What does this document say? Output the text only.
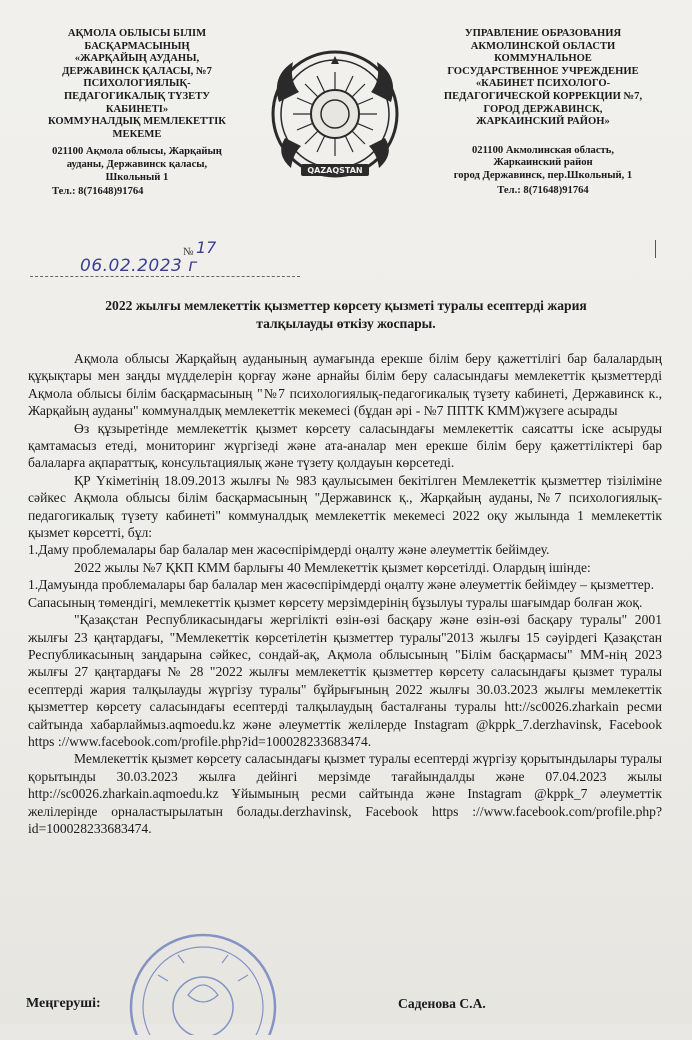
АҚМОЛА ОБЛЫСЫ БІЛІМ
БАСҚАРМАСЫНЫҢ
«ЖАРҚАЙЫҢ АУДАНЫ,
ДЕРЖАВИНСК ҚАЛАСЫ, №7
ПСИХОЛОГИЯЛЫҚ-
ПЕДАГОГИКАЛЫҚ ТҮЗЕТУ
КАБИНЕТІ»
КОММУНАЛДЫҚ МЕМЛЕКЕТТІК
МЕКЕМЕ
021100 Ақмола облысы, Жарқайың
ауданы, Державинск қаласы,
Школьный 1
Тел.: 8(71648)91764
QAZAQSTAN
УПРАВЛЕНИЕ ОБРАЗОВАНИЯ
АКМОЛИНСКОЙ ОБЛАСТИ
КОММУНАЛЬНОЕ
ГОСУДАРСТВЕННОЕ УЧРЕЖДЕНИЕ
«КАБИНЕТ ПСИХОЛОГО-
ПЕДАГОГИЧЕСКОЙ КОРРЕКЦИИ №7,
ГОРОД ДЕРЖАВИНСК,
ЖАРКАИНСКИЙ РАЙОН»
021100 Акмолинская область,
Жаркаинский район
город Державинск, пер.Школьный, 1
Тел.: 8(71648)91764
06.02.2023 г
№ 17
2022 жылғы мемлекеттік қызметтер көрсету қызметі туралы есептерді жария
талқылауды өткізу жоспары.

Ақмола облысы Жарқайың ауданының аумағында ерекше білім беру қажеттілігі бар балалардың құқықтары мен заңды мүдделерін қорғау және арнайы білім беру саласындағы мемлекеттік қызметтерді Ақмола облысы білім басқармасының "№7 психологиялық-педагогикалық түзету кабинеті, Державинск к., Жарқайың ауданы" коммуналдық мемлекеттік мекемесі (бұдан әрі - №7 ППТК КММ)жүзеге асырады

Өз құзыретінде мемлекеттік қызмет көрсету саласындағы мемлекеттік саясатты іске асыруды қамтамасыз етеді, мониторинг жүргізеді және ата-аналар мен ерекше білім беру қажеттіліктері бар балаларға ақпараттық, консультациялық және түзету қолдауын көрсетеді.

ҚР Үкіметінің 18.09.2013 жылғы № 983 қаулысымен бекітілген Мемлекеттік қызметтер тізіліміне сәйкес Ақмола облысы білім басқармасының "Державинск қ., Жарқайың ауданы,№7 психологиялық-педагогикалық түзету кабинеті" коммуналдық мемлекеттік мекемесі 2022 оқу жылында 1 мемлекеттік қызмет көрсетті, бұл:

1.Даму проблемалары бар балалар мен жасөспірімдерді оңалту және әлеуметтік бейімдеу.

2022 жылы №7 ҚКП КММ барлығы 40 Мемлекеттік қызмет көрсетілді. Олардың ішінде:

1.Дамуында проблемалары бар балалар мен жасөспірімдерді оңалту және әлеуметтік бейімдеу – қызметтер.

Сапасының төмендігі, мемлекеттік қызмет көрсету мерзімдерінің бұзылуы туралы шағымдар болған жоқ.

"Қазақстан Республикасындағы жергілікті өзін-өзі басқару және өзін-өзі басқару туралы" 2001 жылғы 23 қаңтардағы, "Мемлекеттік көрсетілетін қызметтер туралы"2013 жылғы 15 сәуірдегі Қазақстан Республикасының заңдарына сәйкес, сондай-ақ, Ақмола облысының "Білім басқармасы" ММ-нің 2023 жылғы 27 қаңтардағы № 28 "2022 жылғы мемлекеттік қызметтер көрсету саласындағы қызмет туралы есептерді жария талқылауды жүргізу туралы" бұйрығының 2022 жылғы 30.03.2023 жылғы мемлекеттік қызметтер көрсету саласындағы есептерді талқылаудың басталғаны туралы htt://sc0026.zharkain ресми сайтында хабарлаймыз.aqmoedu.kz және әлеуметтік желілерде Instagram @kppk_7.derzhavinsk, Facebook https ://www.facebook.com/profile.php?id=100028233683474.

Мемлекеттік қызмет көрсету саласындағы қызмет туралы есептерді жүргізу қорытындылары туралы қорытынды 30.03.2023 жылға дейінгі мерзімде тағайындалды және 07.04.2023 жылы http://sc0026.zharkain.aqmoedu.kz Ұйымының ресми сайтында және Instagram @kppk_7 әлеуметтік желілерінде орналастырылатын болады.derzhavinsk, Facebook https ://www.facebook.com/profile.php?id=100028233683474.

Меңгеруші:	Саденова С.А.
